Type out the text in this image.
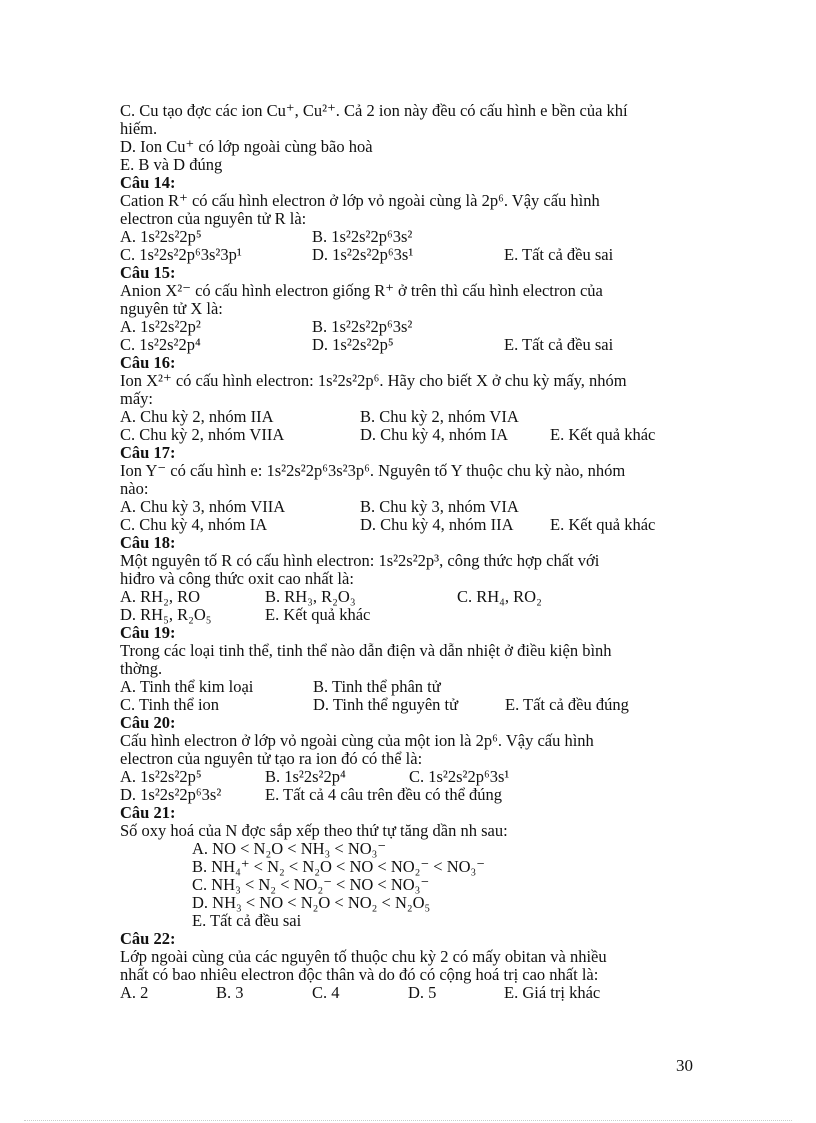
C. Cu tạo đợc các ion Cu⁺, Cu²⁺. Cả 2 ion này đều có cấu hình e bền của khí
hiếm.
D. Ion Cu⁺ có lớp ngoài cùng bão hoà
E. B và D đúng
Câu 14:
Cation R⁺ có cấu hình electron ở lớp vỏ ngoài cùng là 2p⁶. Vậy cấu hình
electron của nguyên tử R là:
A. 1s²2s²2p⁵	B. 1s²2s²2p⁶3s²
C. 1s²2s²2p⁶3s²3p¹	D. 1s²2s²2p⁶3s¹	E. Tất cả đều sai
Câu 15:
Anion X²⁻ có cấu hình electron giống R⁺ ở trên thì cấu hình electron của
nguyên tử X là:
A. 1s²2s²2p²	B. 1s²2s²2p⁶3s²
C. 1s²2s²2p⁴	D. 1s²2s²2p⁵	E. Tất cả đều sai
Câu 16:
Ion X²⁺ có cấu hình electron: 1s²2s²2p⁶. Hãy cho biết X ở chu kỳ mấy, nhóm
mấy:
A. Chu kỳ 2, nhóm IIA	B. Chu kỳ 2, nhóm VIA
C. Chu kỳ 2, nhóm VIIA	D. Chu kỳ 4, nhóm IA	E. Kết quả khác
Câu 17:
Ion Y⁻ có cấu hình e: 1s²2s²2p⁶3s²3p⁶. Nguyên tố Y thuộc chu kỳ nào, nhóm
nào:
A. Chu kỳ 3, nhóm VIIA	B. Chu kỳ 3, nhóm VIA
C. Chu kỳ 4, nhóm IA	D. Chu kỳ 4, nhóm IIA	E. Kết quả khác
Câu 18:
Một nguyên tố R có cấu hình electron: 1s²2s²2p³, công thức hợp chất với
hiđro và công thức oxit cao nhất là:
A. RH₂, RO	B. RH₃, R₂O₃	C. RH₄, RO₂
D. RH₅, R₂O₅	E. Kết quả khác
Câu 19:
Trong các loại tinh thể, tinh thể nào dẫn điện và dẫn nhiệt ở điều kiện bình
thờng.
A. Tinh thể kim loại	B. Tinh thể phân tử
C. Tinh thể ion	D. Tinh thể nguyên tử	E. Tất cả đều đúng
Câu 20:
Cấu hình electron ở lớp vỏ ngoài cùng của một ion là 2p⁶. Vậy cấu hình
electron của nguyên tử tạo ra ion đó có thể là:
A. 1s²2s²2p⁵	B. 1s²2s²2p⁴	C. 1s²2s²2p⁶3s¹
D. 1s²2s²2p⁶3s²	E. Tất cả 4 câu trên đều có thể đúng
Câu 21:
Số oxy hoá của N đợc sắp xếp theo thứ tự tăng dần nh sau:
A. NO < N₂O < NH₃ < NO₃⁻
B. NH₄⁺ < N₂ < N₂O < NO < NO₂⁻ < NO₃⁻
C. NH₃ < N₂ < NO₂⁻ < NO < NO₃⁻
D. NH₃ < NO < N₂O < NO₂ < N₂O₅
E. Tất cả đều sai
Câu 22:
Lớp ngoài cùng của các nguyên tố thuộc chu kỳ 2 có mấy obitan và nhiều
nhất có bao nhiêu electron độc thân và do đó có cộng hoá trị cao nhất là:
A. 2	B. 3	C. 4	D. 5	E. Giá trị khác
30
